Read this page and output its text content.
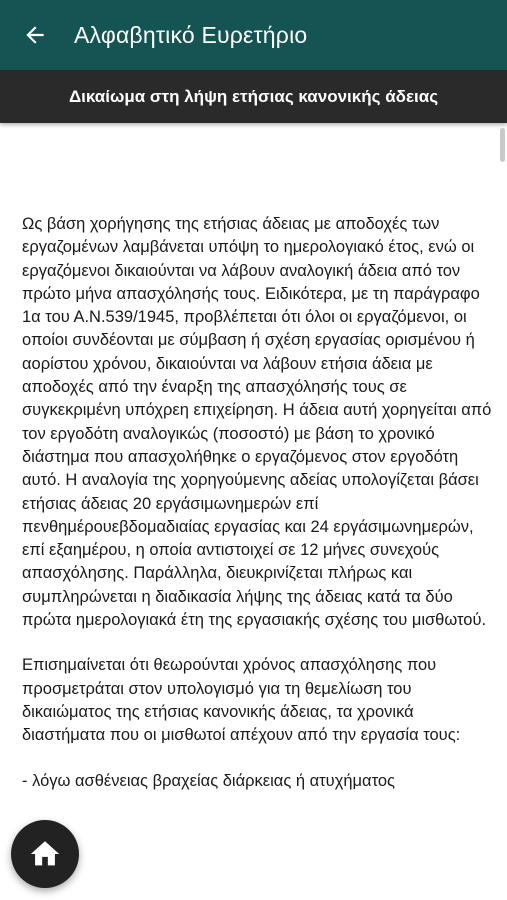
Αλφαβητικό Ευρετήριο
Δικαίωμα στη λήψη ετήσιας κανονικής άδειας

Ως βάση χορήγησης της ετήσιας άδειας με αποδοχές των εργαζομένων λαμβάνεται υπόψη το ημερολογιακό έτος, ενώ οι εργαζόμενοι δικαιούνται να λάβουν αναλογική άδεια από τον πρώτο μήνα απασχόλησής τους. Ειδικότερα, με τη παράγραφο 1α του Α.Ν.539/1945, προβλέπεται ότι όλοι οι εργαζόμενοι, οι οποίοι συνδέονται με σύμβαση ή σχέση εργασίας ορισμένου ή αορίστου χρόνου, δικαιούνται να λάβουν ετήσια άδεια με αποδοχές από την έναρξη της απασχόλησής τους σε συγκεκριμένη υπόχρεη επιχείρηση. Η άδεια αυτή χορηγείται από τον εργοδότη αναλογικώς (ποσοστό) με βάση το χρονικό διάστημα που απασχολήθηκε ο εργαζόμενος στον εργοδότη αυτό. Η αναλογία της χορηγούμενης αδείας υπολογίζεται βάσει ετήσιας άδειας 20 εργάσιμωνημερών επί πενθημέρουεβδομαδιαίας εργασίας και 24 εργάσιμωνημερών, επί εξαημέρου, η οποία αντιστοιχεί σε 12 μήνες συνεχούς απασχόλησης. Παράλληλα, διευκρινίζεται πλήρως και συμπληρώνεται η διαδικασία λήψης της άδειας κατά τα δύο πρώτα ημερολογιακά έτη της εργασιακής σχέσης του μισθωτού.

Επισημαίνεται ότι θεωρούνται χρόνος απασχόλησης που προσμετράται στον υπολογισμό για τη θεμελίωση του δικαιώματος της ετήσιας κανονικής άδειας, τα χρονικά διαστήματα που οι μισθωτοί απέχουν από την εργασία τους:

- λόγω ασθένειας βραχείας διάρκειας ή ατυχήματος
